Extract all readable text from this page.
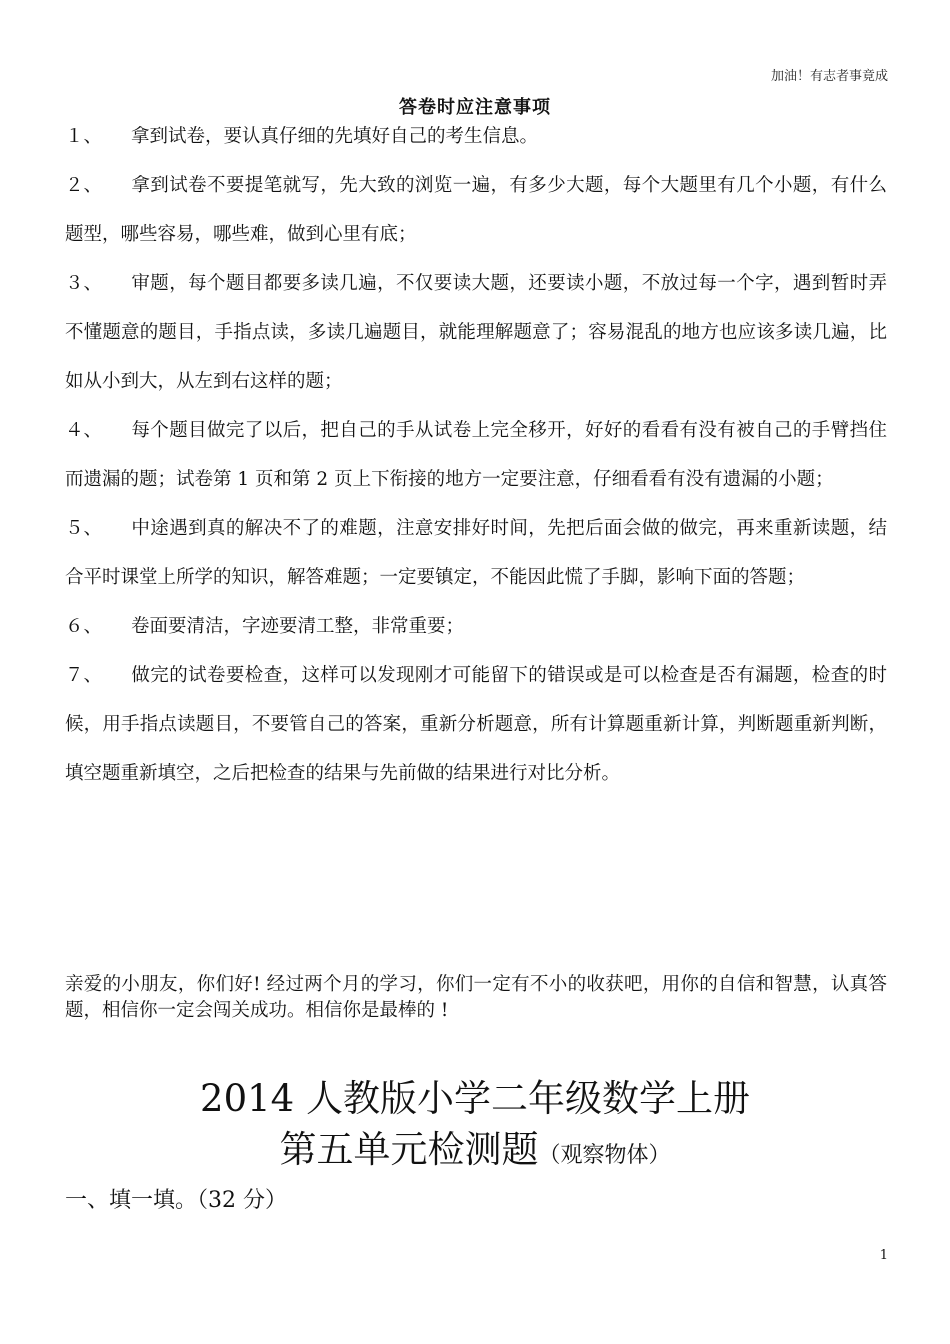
加油！有志者事竟成
答卷时应注意事项

１、 拿到试卷，要认真仔细的先填好自己的考生信息。

２、 拿到试卷不要提笔就写，先大致的浏览一遍，有多少大题，每个大题里有几个小题，有什么题型，哪些容易，哪些难，做到心里有底；

３、 审题，每个题目都要多读几遍，不仅要读大题，还要读小题，不放过每一个字，遇到暂时弄不懂题意的题目，手指点读，多读几遍题目，就能理解题意了；容易混乱的地方也应该多读几遍，比如从小到大，从左到右这样的题；

４、 每个题目做完了以后，把自己的手从试卷上完全移开，好好的看看有没有被自己的手臂挡住而遗漏的题；试卷第 1 页和第 2 页上下衔接的地方一定要注意，仔细看看有没有遗漏的小题；

５、 中途遇到真的解决不了的难题，注意安排好时间，先把后面会做的做完，再来重新读题，结合平时课堂上所学的知识，解答难题；一定要镇定，不能因此慌了手脚，影响下面的答题；

６、 卷面要清洁，字迹要清工整，非常重要；

７、 做完的试卷要检查，这样可以发现刚才可能留下的错误或是可以检查是否有漏题，检查的时候，用手指点读题目，不要管自己的答案，重新分析题意，所有计算题重新计算，判断题重新判断，填空题重新填空，之后把检查的结果与先前做的结果进行对比分析。

亲爱的小朋友，你们好! 经过两个月的学习，你们一定有不小的收获吧，用你的自信和智慧，认真答题，相信你一定会闯关成功。相信你是最棒的 !
2014 人教版小学二年级数学上册
第五单元检测题（观察物体）
一、填一填。（32 分）
1
